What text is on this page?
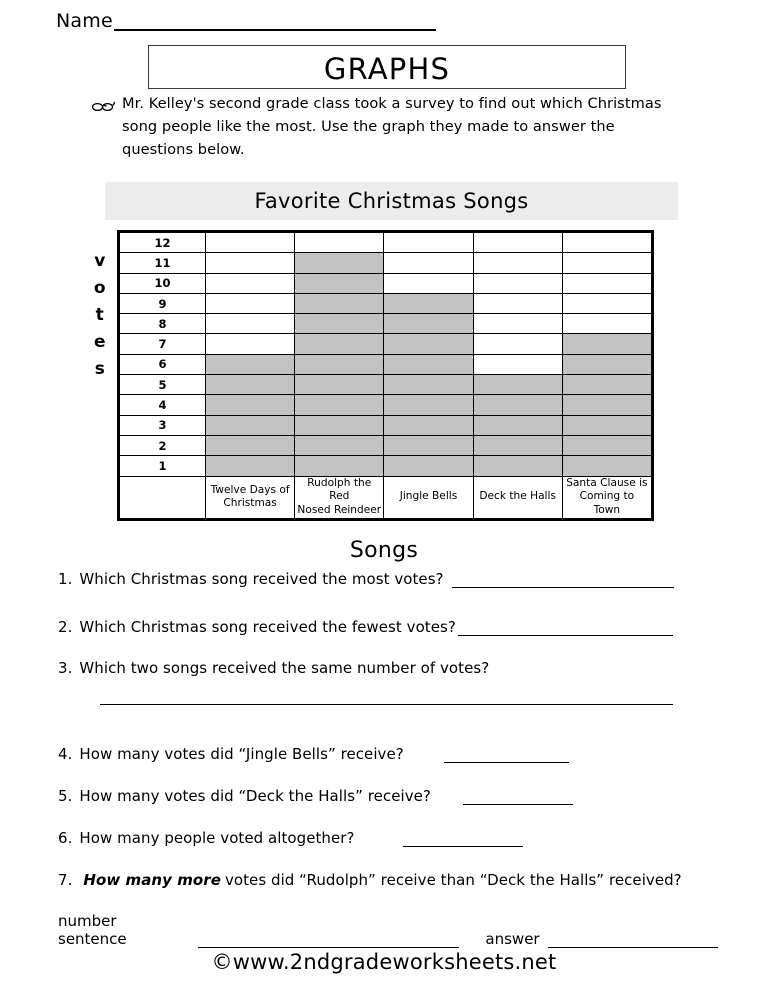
Name
GRAPHS
Mr. Kelley's second grade class took a survey to find out which Christmas song people like the most. Use the graph they made to answer the questions below.
Favorite Christmas Songs
v
o
t
e
s
12					
11					
10					
9					
8					
7					
6					
5					
4					
3					
2					
1					

Twelve Days of
Christmas

Rudolph the Red
Nosed Reindeer

Jingle Bells	Deck the Halls

Santa Clause is
Coming to Town
Songs
1. Which Christmas song received the most votes?
2. Which Christmas song received the fewest votes?
3. Which two songs received the same number of votes?
4. How many votes did “Jingle Bells” receive?
5. How many votes did “Deck the Halls” receive?
6. How many people voted altogether?
7. How many more votes did “Rudolph” receive than “Deck the Halls” received?
number sentence	answer
©www.2ndgradeworksheets.net
